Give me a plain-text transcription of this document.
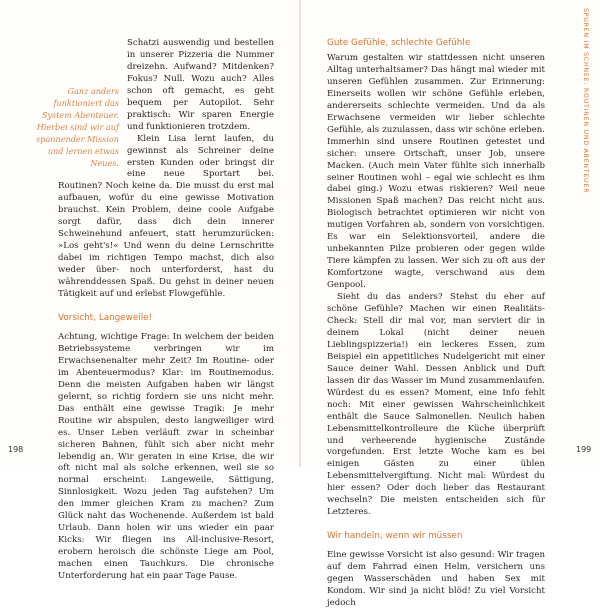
Ganz anders funktioniert das System Abenteuer. Hierbei sind wir auf spannender Mission und lernen etwas Neues.
Schatzi auswendig und bestellen in unserer Pizzeria die Nummer dreizehn. Aufwand? Mitdenken? Fokus? Null. Wozu auch? Alles schon oft gemacht, es geht bequem per Autopilot. Sehr praktisch: Wir sparen Energie und funktionieren trotzdem.

Klein Lisa lernt laufen, du gewinnst als Schreiner deine ersten Kunden oder bringst dir eine neue Sportart bei. Routinen? Noch keine da. Die musst du erst mal aufbauen, wofür du eine gewisse Motivation brauchst. Kein Problem, deine coole Aufgabe sorgt dafür, dass dich dein innerer Schweinehund anfeuert, statt herumzurücken: »Los geht's!« Und wenn du deine Lernschritte dabei im richtigen Tempo machst, dich also weder über- noch unterforderst, hast du währenddessen Spaß. Du gehst in deiner neuen Tätigkeit auf und erlebst Flowgefühle.

Vorsicht, Langeweile!

Achtung, wichtige Frage: In welchem der beiden Betriebssysteme verbringen wir im Erwachsenenalter mehr Zeit? Im Routine- oder im Abenteuermodus? Klar: im Routinemodus. Denn die meisten Aufgaben haben wir längst gelernt, so richtig fordern sie uns nicht mehr. Das enthält eine gewisse Tragik: Je mehr Routine wir abspulen, desto langweiliger wird es. Unser Leben verläuft zwar in scheinbar sicheren Bahnen, fühlt sich aber nicht mehr lebendig an. Wir geraten in eine Krise, die wir oft nicht mal als solche erkennen, weil sie so normal erscheint: Langeweile, Sättigung, Sinnlosigkeit. Wozu jeden Tag aufstehen? Um den immer gleichen Kram zu machen? Zum Glück naht das Wochenende. Außerdem ist bald Urlaub. Dann holen wir uns wieder ein paar Kicks: Wir fliegen ins All-inclusive-Resort, erobern heroisch die schönste Liege am Pool, machen einen Tauchkurs. Die chronische Unterforderung hat ein paar Tage Pause.

Gute Gefühle, schlechte Gefühle

Warum gestalten wir stattdessen nicht unseren Alltag unterhaltsamer? Das hängt mal wieder mit unseren Gefühlen zusammen. Zur Erinnerung: Einerseits wollen wir schöne Gefühle erleben, andererseits schlechte vermeiden. Und da als Erwachsene vermeiden wir lieber schlechte Gefühle, als zuzulassen, dass wir schöne erleben. Immerhin sind unsere Routinen getestet und sicher: unsere Ortschaft, unser Job, unsere Macken. (Auch mein Vater fühlte sich innerhalb seiner Routinen wohl – egal wie schlecht es ihm dabei ging.) Wozu etwas riskieren? Weil neue Missionen Spaß machen? Das reicht nicht aus. Biologisch betrachtet optimieren wir nicht von mutigen Vorfahren ab, sondern von vorsichtigen. Es war ein Selektionsvorteil, andere die unbekannten Pilze probieren oder gegen wilde Tiere kämpfen zu lassen. Wer sich zu oft aus der Komfortzone wagte, verschwand aus dem Genpool.

Sieht du das anders? Stehst du eher auf schöne Gefühle? Machen wir einen Realitäts-Check: Stell dir mal vor, man serviert dir in deinem Lokal (nicht deiner neuen Lieblingspizzeria!) ein leckeres Essen, zum Beispiel ein appetitliches Nudelgericht mit einer Sauce deiner Wahl. Dessen Anblick und Duft lassen dir das Wasser im Mund zusammenlaufen. Würdest du es essen? Moment, eine Info fehlt noch: Mit einer gewissen Wahrscheinlichkeit enthält die Sauce Salmonellen. Neulich haben Lebensmittelkontrolleure die Küche überprüft und verheerende hygienische Zustände vorgefunden. Erst letzte Woche kam es bei einigen Gästen zu einer üblen Lebensmittelvergiftung. Nicht mal: Würdest du hier essen? Oder doch lieber das Restaurant wechseln? Die meisten entscheiden sich für Letzteres.

Wir handeln, wenn wir müssen

Eine gewisse Vorsicht ist also gesund: Wir tragen auf dem Fahrrad einen Helm, versichern uns gegen Wasserschäden und haben Sex mit Kondom. Wir sind ja nicht blöd! Zu viel Vorsicht jedoch

SPUREN IM SCHNEE: ROUTINEN UND ABENTEUER
198	199
